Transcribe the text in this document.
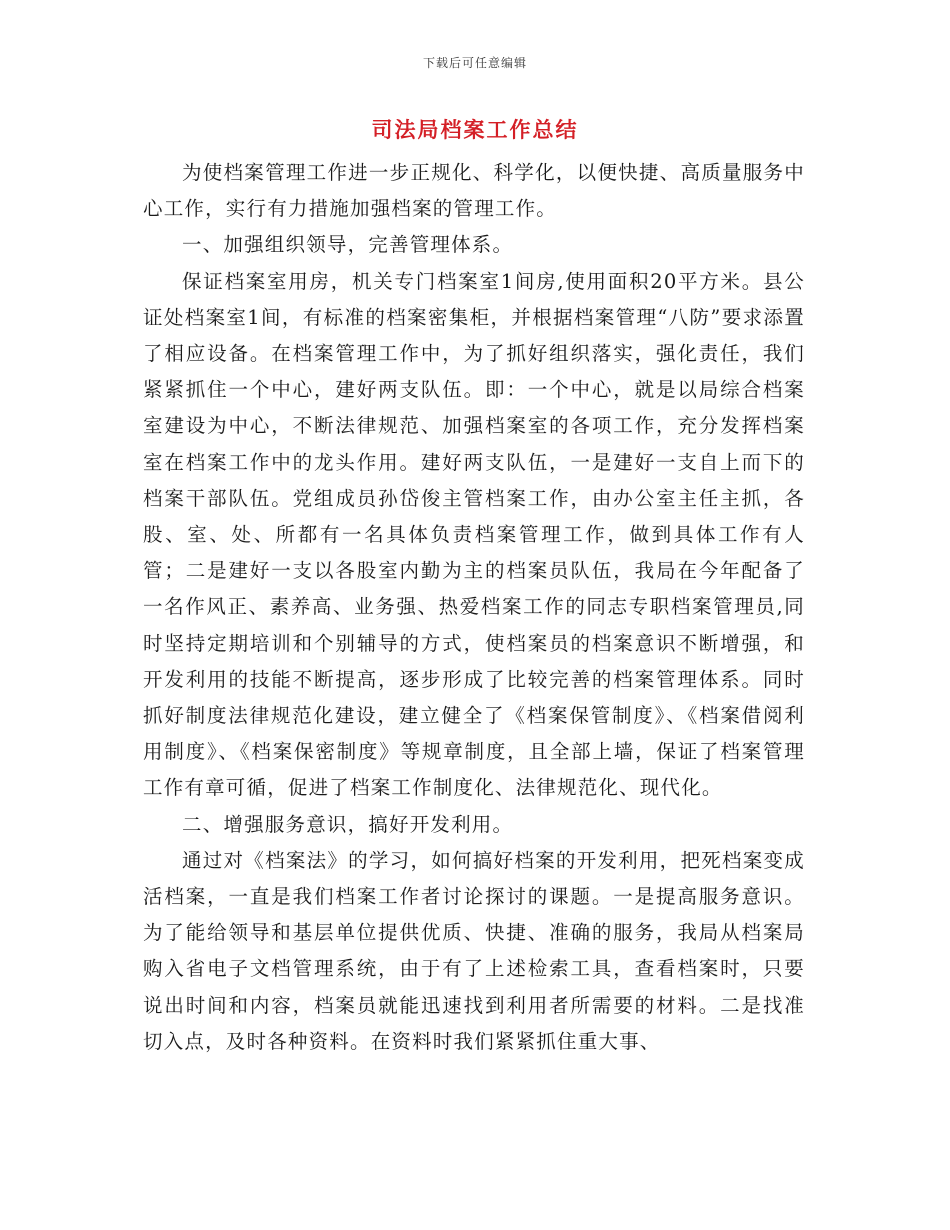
下载后可任意编辑
司法局档案工作总结

为使档案管理工作进一步正规化、科学化，以便快捷、高质量服务中心工作，实行有力措施加强档案的管理工作。

一、加强组织领导，完善管理体系。

保证档案室用房，机关专门档案室1间房,使用面积20平方米。县公证处档案室1间，有标准的档案密集柜，并根据档案管理“八防”要求添置了相应设备。在档案管理工作中，为了抓好组织落实，强化责任，我们紧紧抓住一个中心，建好两支队伍。即：一个中心，就是以局综合档案室建设为中心，不断法律规范、加强档案室的各项工作，充分发挥档案室在档案工作中的龙头作用。建好两支队伍，一是建好一支自上而下的档案干部队伍。党组成员孙岱俊主管档案工作，由办公室主任主抓，各股、室、处、所都有一名具体负责档案管理工作，做到具体工作有人管；二是建好一支以各股室内勤为主的档案员队伍，我局在今年配备了一名作风正、素养高、业务强、热爱档案工作的同志专职档案管理员,同时坚持定期培训和个别辅导的方式，使档案员的档案意识不断增强，和开发利用的技能不断提高，逐步形成了比较完善的档案管理体系。同时抓好制度法律规范化建设，建立健全了《档案保管制度》、《档案借阅利用制度》、《档案保密制度》等规章制度，且全部上墙，保证了档案管理工作有章可循，促进了档案工作制度化、法律规范化、现代化。

二、增强服务意识，搞好开发利用。

通过对《档案法》的学习，如何搞好档案的开发利用，把死档案变成活档案，一直是我们档案工作者讨论探讨的课题。一是提高服务意识。为了能给领导和基层单位提供优质、快捷、准确的服务，我局从档案局购入省电子文档管理系统，由于有了上述检索工具，查看档案时，只要说出时间和内容，档案员就能迅速找到利用者所需要的材料。二是找准切入点，及时各种资料。在资料时我们紧紧抓住重大事、
